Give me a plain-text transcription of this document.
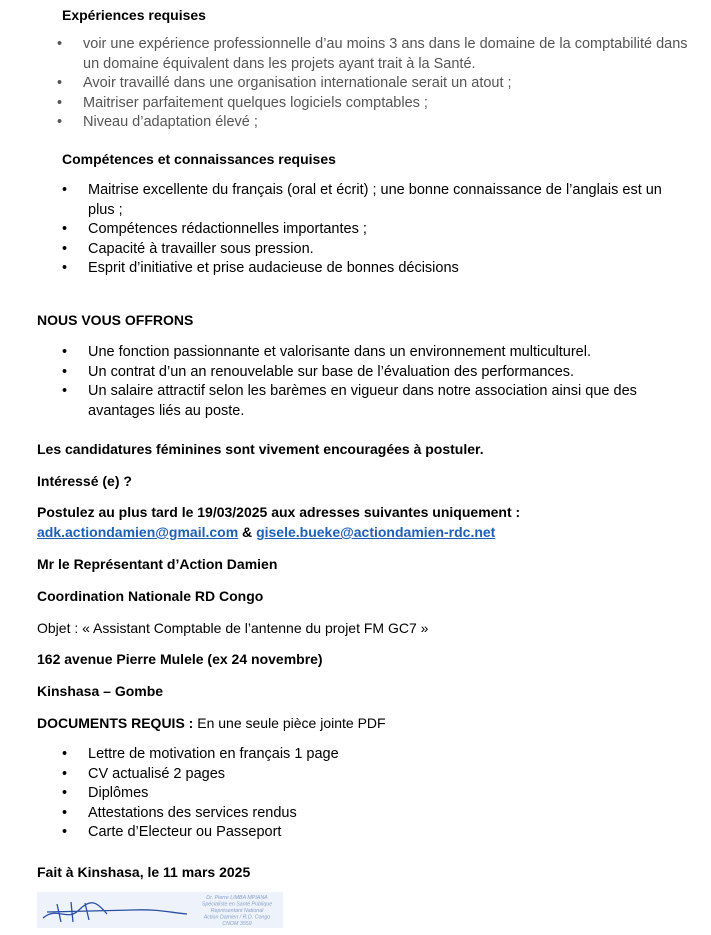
Expériences requises
• voir une expérience professionnelle d’au moins 3 ans dans le domaine de la comptabilité dans un domaine équivalent dans les projets ayant trait à la Santé.
• Avoir travaillé dans une organisation internationale serait un atout ;
• Maitriser parfaitement quelques logiciels comptables ;
• Niveau d’adaptation élevé ;
Compétences et connaissances requises
• Maitrise excellente du français (oral et écrit) ; une bonne connaissance de l’anglais est un plus ;
• Compétences rédactionnelles importantes ;
• Capacité à travailler sous pression.
• Esprit d’initiative et prise audacieuse de bonnes décisions
NOUS VOUS OFFRONS
• Une fonction passionnante et valorisante dans un environnement multiculturel.
• Un contrat d’un an renouvelable sur base de l’évaluation des performances.
• Un salaire attractif selon les barèmes en vigueur dans notre association ainsi que des avantages liés au poste.
Les candidatures féminines sont vivement encouragées à postuler.
Intéressé (e) ?
Postulez au plus tard le 19/03/2025 aux adresses suivantes uniquement :
adk.actiondamien@gmail.com & gisele.bueke@actiondamien-rdc.net
Mr le Représentant d’Action Damien
Coordination Nationale RD Congo
Objet : « Assistant Comptable de l’antenne du projet FM GC7 »
162 avenue Pierre Mulele (ex 24 novembre)
Kinshasa – Gombe
DOCUMENTS REQUIS : En une seule pièce jointe PDF
• Lettre de motivation en français 1 page
• CV actualisé 2 pages
• Diplômes
• Attestations des services rendus
• Carte d’Electeur ou Passeport
Fait à Kinshasa, le 11 mars 2025
Dr. Pierre LIMBA MPIANA
Spécialiste en Santé Publique
Représentant National
Action Damien / R.D. Congo
CNOM 3559
